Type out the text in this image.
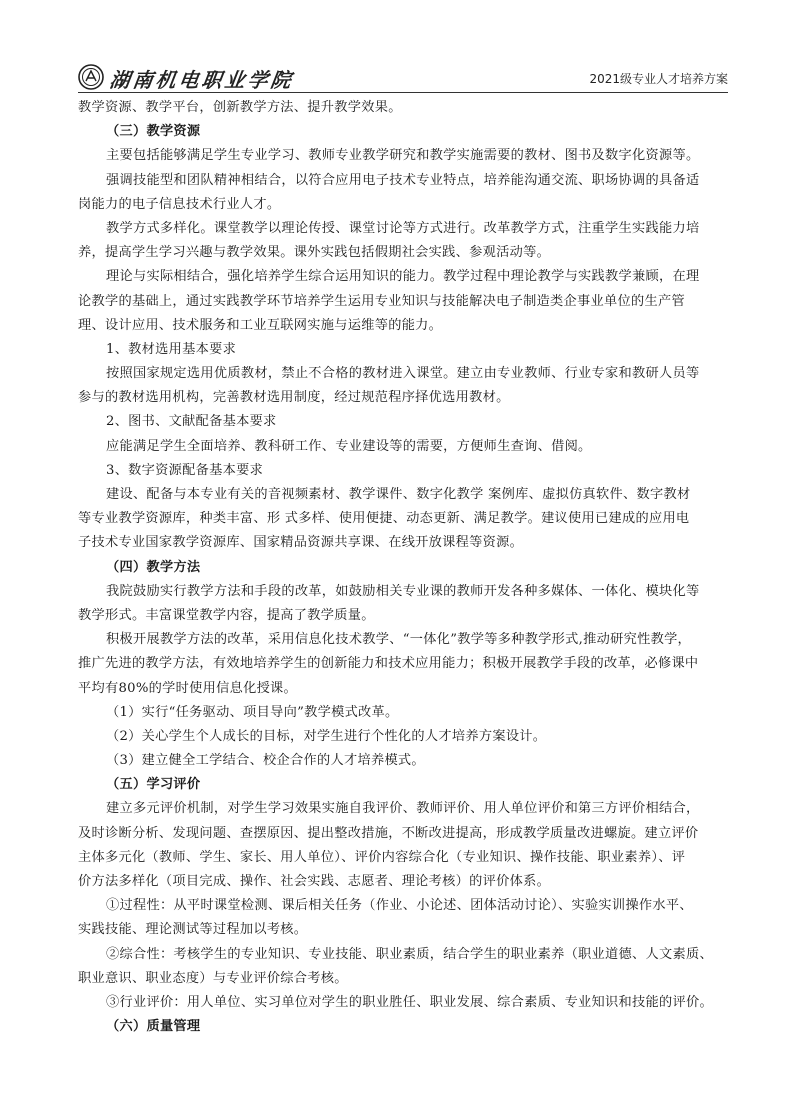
湖南机电职业学院	2021级专业人才培养方案
教学资源、教学平台，创新教学方法、提升教学效果。
（三）教学资源
主要包括能够满足学生专业学习、教师专业教学研究和教学实施需要的教材、图书及数字化资源等。
强调技能型和团队精神相结合，以符合应用电子技术专业特点，培养能沟通交流、职场协调的具备适
岗能力的电子信息技术行业人才。
教学方式多样化。课堂教学以理论传授、课堂讨论等方式进行。改革教学方式，注重学生实践能力培
养，提高学生学习兴趣与教学效果。课外实践包括假期社会实践、参观活动等。
理论与实际相结合，强化培养学生综合运用知识的能力。教学过程中理论教学与实践教学兼顾，在理
论教学的基础上，通过实践教学环节培养学生运用专业知识与技能解决电子制造类企事业单位的生产管
理、设计应用、技术服务和工业互联网实施与运维等的能力。
1、教材选用基本要求
按照国家规定选用优质教材，禁止不合格的教材进入课堂。建立由专业教师、行业专家和教研人员等
参与的教材选用机构，完善教材选用制度，经过规范程序择优选用教材。
2、图书、文献配备基本要求
应能满足学生全面培养、教科研工作、专业建设等的需要，方便师生查询、借阅。
3、数字资源配备基本要求
建设、配备与本专业有关的音视频素材、教学课件、数字化教学 案例库、虚拟仿真软件、数字教材
等专业教学资源库，种类丰富、形 式多样、使用便捷、动态更新、满足教学。建议使用已建成的应用电
子技术专业国家教学资源库、国家精品资源共享课、在线开放课程等资源。
（四）教学方法
我院鼓励实行教学方法和手段的改革，如鼓励相关专业课的教师开发各种多媒体、一体化、模块化等
教学形式。丰富课堂教学内容，提高了教学质量。
积极开展教学方法的改革，采用信息化技术教学、“一体化”教学等多种教学形式,推动研究性教学，
推广先进的教学方法，有效地培养学生的创新能力和技术应用能力；积极开展教学手段的改革，必修课中
平均有80%的学时使用信息化授课。
（1）实行“任务驱动、项目导向”教学模式改革。
（2）关心学生个人成长的目标，对学生进行个性化的人才培养方案设计。
（3）建立健全工学结合、校企合作的人才培养模式。
（五）学习评价
建立多元评价机制，对学生学习效果实施自我评价、教师评价、用人单位评价和第三方评价相结合，
及时诊断分析、发现问题、查摆原因、提出整改措施，不断改进提高，形成教学质量改进螺旋。建立评价
主体多元化（教师、学生、家长、用人单位）、评价内容综合化（专业知识、操作技能、职业素养）、评
价方法多样化（项目完成、操作、社会实践、志愿者、理论考核）的评价体系。
①过程性：从平时课堂检测、课后相关任务（作业、小论述、团体活动讨论）、实验实训操作水平、
实践技能、理论测试等过程加以考核。
②综合性：考核学生的专业知识、专业技能、职业素质，结合学生的职业素养（职业道德、人文素质、
职业意识、职业态度）与专业评价综合考核。
③行业评价：用人单位、实习单位对学生的职业胜任、职业发展、综合素质、专业知识和技能的评价。
（六）质量管理
